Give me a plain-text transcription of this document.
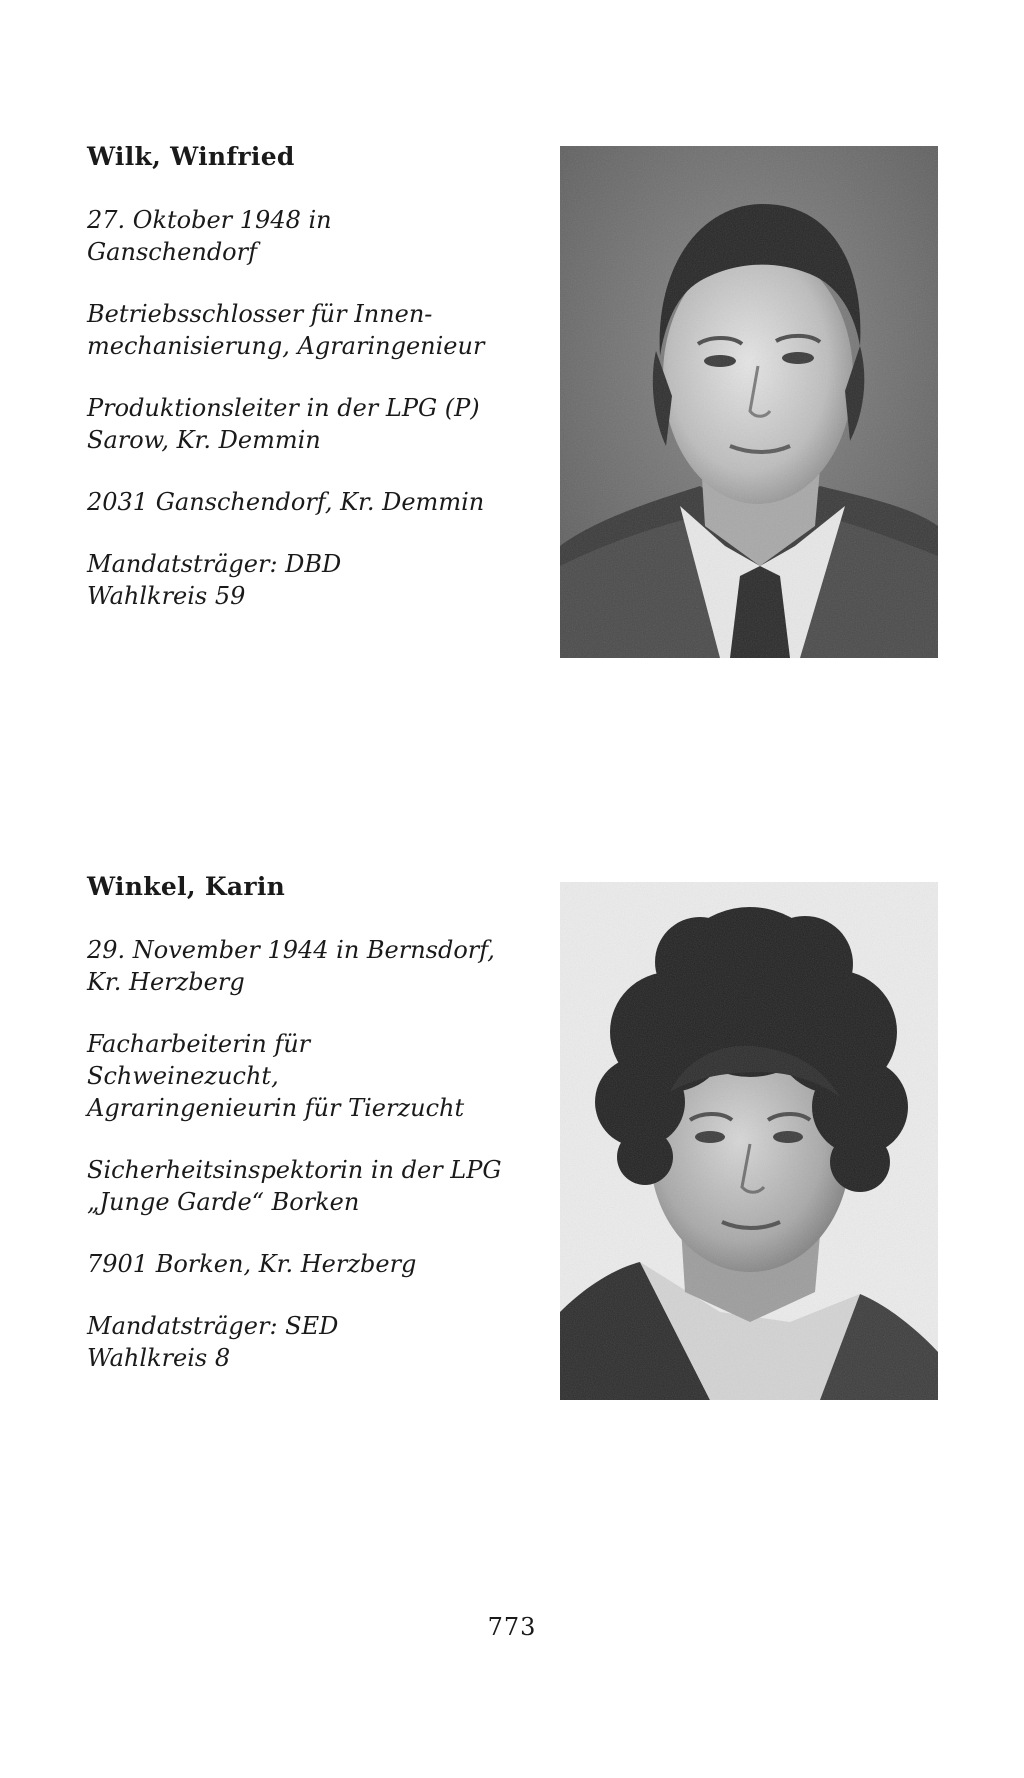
Wilk, Winfried

27. Oktober 1948 in Ganschendorf

Betriebsschlosser für Innen-
mechanisierung, Agraringenieur

Produktionsleiter in der LPG (P)
Sarow, Kr. Demmin

2031 Ganschendorf, Kr. Demmin

Mandatsträger: DBD
Wahlkreis 59

Winkel, Karin

29. November 1944 in Bernsdorf,
Kr. Herzberg

Facharbeiterin für Schweinezucht,
Agraringenieurin für Tierzucht

Sicherheitsinspektorin in der LPG
„Junge Garde“ Borken

7901 Borken, Kr. Herzberg

Mandatsträger: SED
Wahlkreis 8

773
